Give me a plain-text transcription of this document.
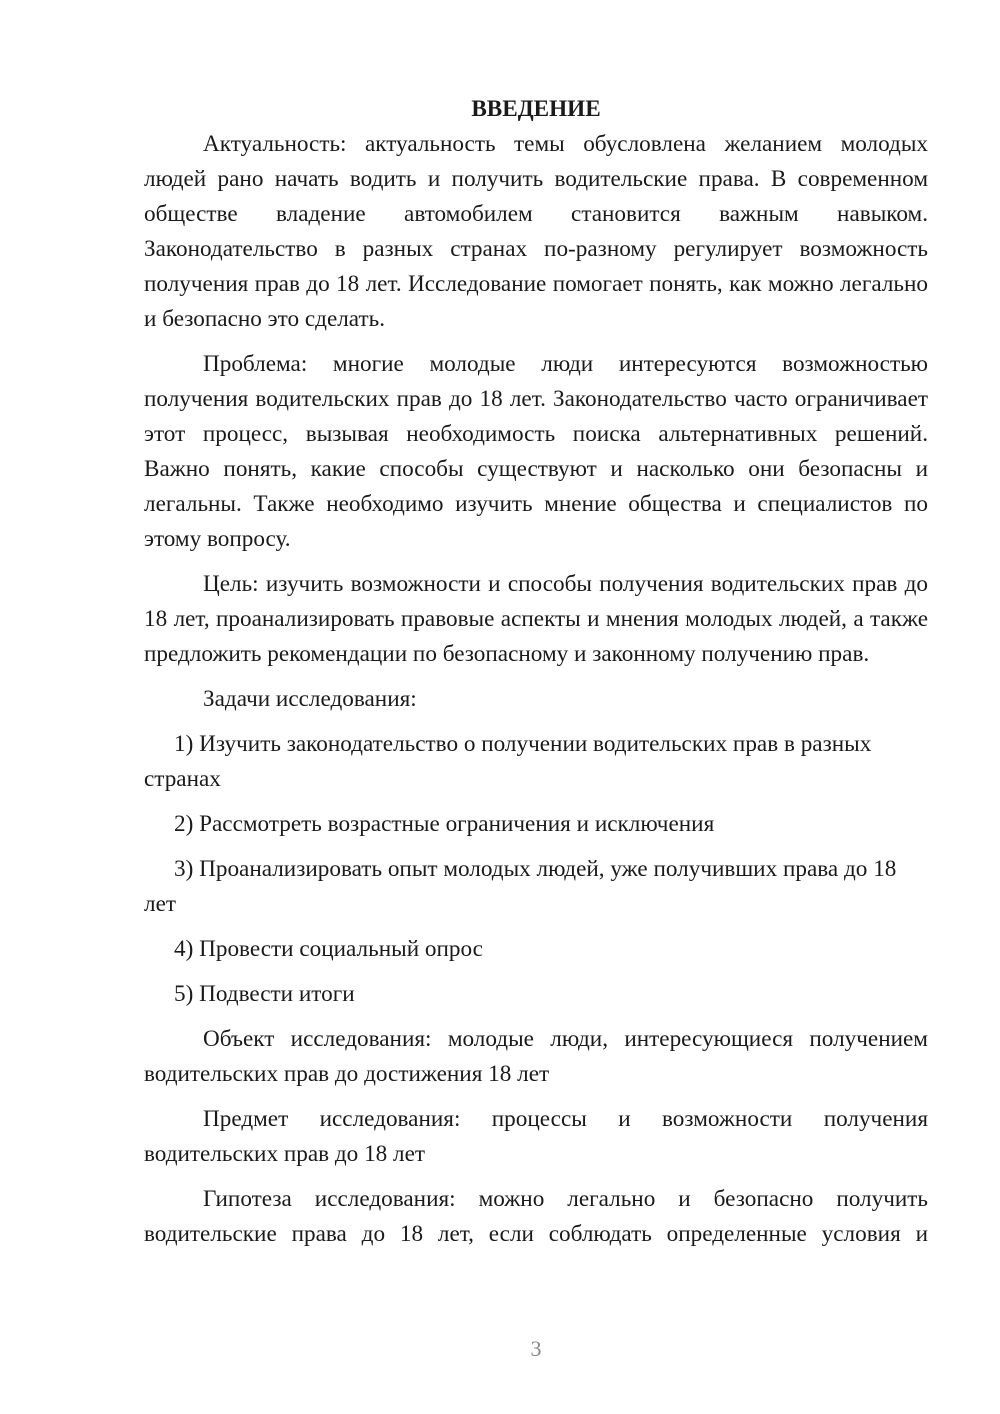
ВВЕДЕНИЕ

Актуальность: актуальность темы обусловлена желанием молодых людей рано начать водить и получить водительские права. В современном обществе владение автомобилем становится важным навыком. Законодательство в разных странах по-разному регулирует возможность получения прав до 18 лет. Исследование помогает понять, как можно легально и безопасно это сделать.

Проблема: многие молодые люди интересуются возможностью получения водительских прав до 18 лет. Законодательство часто ограничивает этот процесс, вызывая необходимость поиска альтернативных решений. Важно понять, какие способы существуют и насколько они безопасны и легальны. Также необходимо изучить мнение общества и специалистов по этому вопросу.

Цель: изучить возможности и способы получения водительских прав до 18 лет, проанализировать правовые аспекты и мнения молодых людей, а также предложить рекомендации по безопасному и законному получению прав.

Задачи исследования:

1) Изучить законодательство о получении водительских прав в разных странах

2) Рассмотреть возрастные ограничения и исключения

3) Проанализировать опыт молодых людей, уже получивших права до 18 лет

4) Провести социальный опрос

5) Подвести итоги

Объект исследования: молодые люди, интересующиеся получением водительских прав до достижения 18 лет

Предмет исследования: процессы и возможности получения водительских прав до 18 лет

Гипотеза исследования: можно легально и безопасно получить водительские права до 18 лет, если соблюдать определенные условия и

3
